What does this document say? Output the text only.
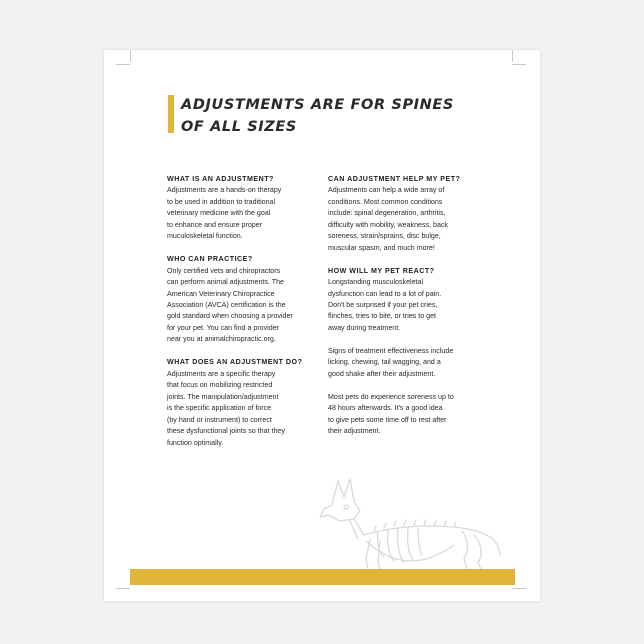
ADJUSTMENTS ARE FOR SPINES
OF ALL SIZES

WHAT IS AN ADJUSTMENT?

Adjustments are a hands-on therapy
to be used in addition to traditional
veterinary medicine with the goal
to enhance and ensure proper
muculoskeletal function.

WHO CAN PRACTICE?

Only certified vets and chiropractors
can perform animal adjustments. The
American Veterinary Chiropractice
Association (AVCA) certification is the
gold standard when choosing a provider
for your pet. You can find a provider
near you at animalchiropractic.org.

WHAT DOES AN ADJUSTMENT DO?

Adjustments are a specific therapy
that focus on mobilizing restricted
joints. The manipulation/adjustment
is the specific application of force
(by hand or instrument) to correct
these dysfunctional joints so that they
function optimally.

CAN ADJUSTMENT HELP MY PET?

Adjustments can help a wide array of
conditions. Most common conditions
include: spinal degeneration, arthritis,
difficulty with mobility, weakness, back
soreness, strain/sprains, disc bulge,
muscular spasm, and much more!

HOW WILL MY PET REACT?

Longstanding musculoskeletal
dysfunction can lead to a lot of pain.
Don't be surprised if your pet cries,
flinches, tries to bite, or tries to get
away during treatment.
Signs of treatment effectiveness include
licking, chewing, tail wagging, and a
good shake after their adjustment.
Most pets do experience soreness up to
48 hours afterwards. It's a good idea
to give pets some time off to rest after
their adjustment.
